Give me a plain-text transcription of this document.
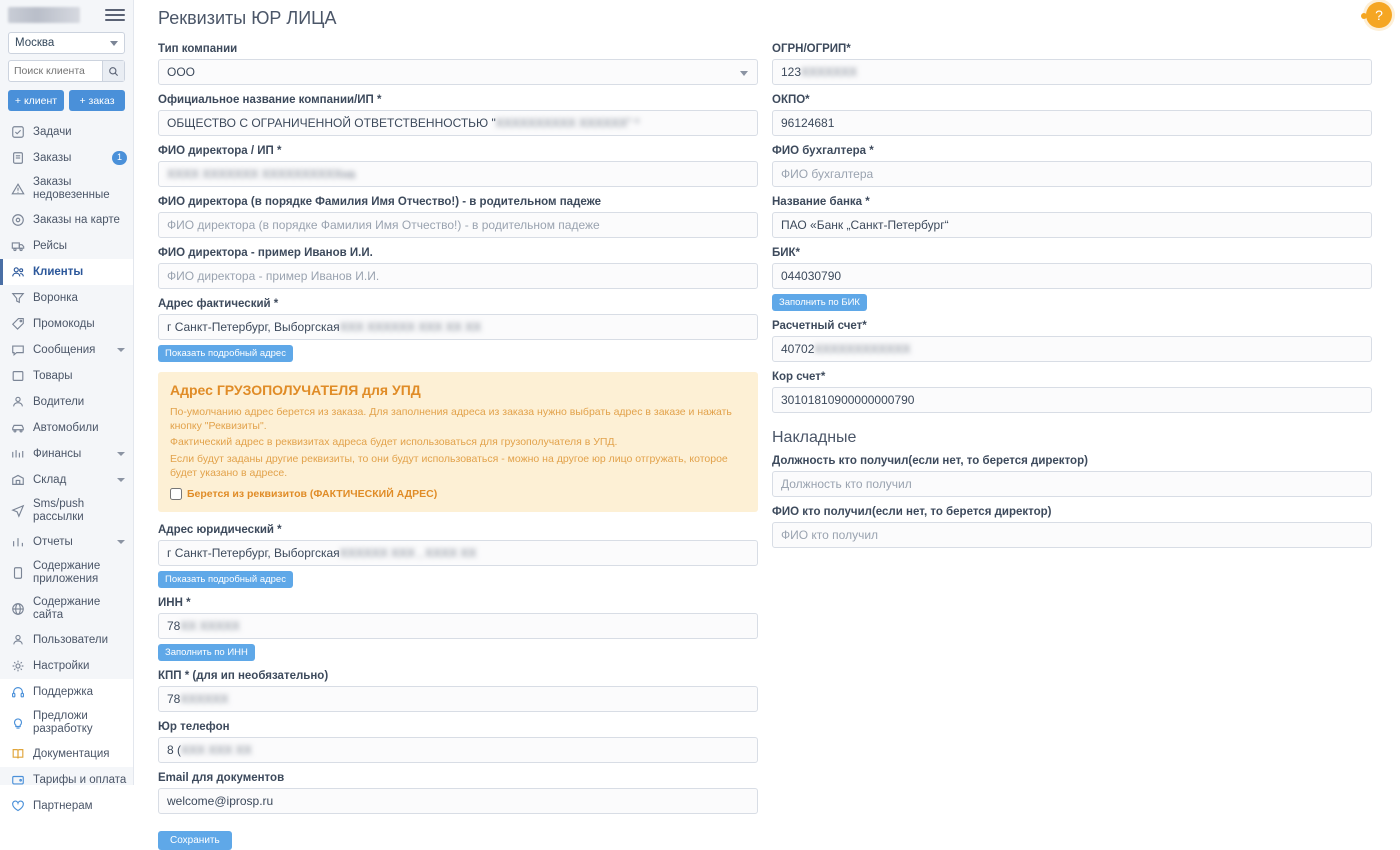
Москва
Поиск клиента
+ клиент	+ заказ
Задачи
Заказы	1
Заказы недовезенные
Заказы на карте
Рейсы
Клиенты
Воронка
Промокоды
Сообщения
Товары
Водители
Автомобили
Финансы
Склад
Sms/push рассылки
Отчеты
Содержание приложения
Содержание сайта
Пользователи
Настройки
Поддержка
Предложи разработку
Документация
Тарифы и оплата
Партнерам
?
Реквизиты ЮР ЛИЦА
Тип компании
ООО
Официальное название компании/ИП *
ОБЩЕСТВО С ОГРАНИЧЕННОЙ ОТВЕТСТВЕННОСТЬЮ " XXXXXXXXXX XXXXXX" *
ФИО директора / ИП *
XXXX XXXXXXX XXXXXXXXXXна
ФИО директора (в порядке Фамилия Имя Отчество!) - в родительном падеже
ФИО директора (в порядке Фамилия Имя Отчество!) - в родительном падеже
ФИО директора - пример Иванов И.И.
ФИО директора - пример Иванов И.И.
Адрес фактический *
г Санкт-Петербург, Выборгская XXX XXXXXX XXX XX XX
Показать подробный адрес
Адрес ГРУЗОПОЛУЧАТЕЛЯ для УПД

По-умолчанию адрес берется из заказа. Для заполнения адреса из заказа нужно выбрать адрес в заказе и нажать кнопку "Реквизиты".

Фактический адрес в реквизитах адреса будет использоваться для грузополучателя в УПД.

Если будут заданы другие реквизиты, то они будут использоваться - можно на другое юр лицо отгружать, которое будет указано в адресе.

Берется из реквизитов (ФАКТИЧЕСКИЙ АДРЕС)
Адрес юридический *
г Санкт-Петербург, Выборгская XXXXXX XXX , XXXX XX
Показать подробный адрес
ИНН *
78 XX XXXXX
Заполнить по ИНН
КПП * (для ип необязательно)
78 XXXXXX
Юр телефон
8 ( XXX XXX XX
Email для документов
welcome@iprosp.ru
Сохранить
ОГРН/ОГРИП*
123 XXXXXXX
ОКПО*
96124681
ФИО бухгалтера *
ФИО бухгалтера
Название банка *
ПАО «Банк „Санкт-Петербург“
БИК*
044030790
Заполнить по БИК
Расчетный счет*
40702 XXXXXXXXXXXX
Кор счет*
30101810900000000790
Накладные
Должность кто получил(если нет, то берется директор)
Должность кто получил
ФИО кто получил(если нет, то берется директор)
ФИО кто получил
